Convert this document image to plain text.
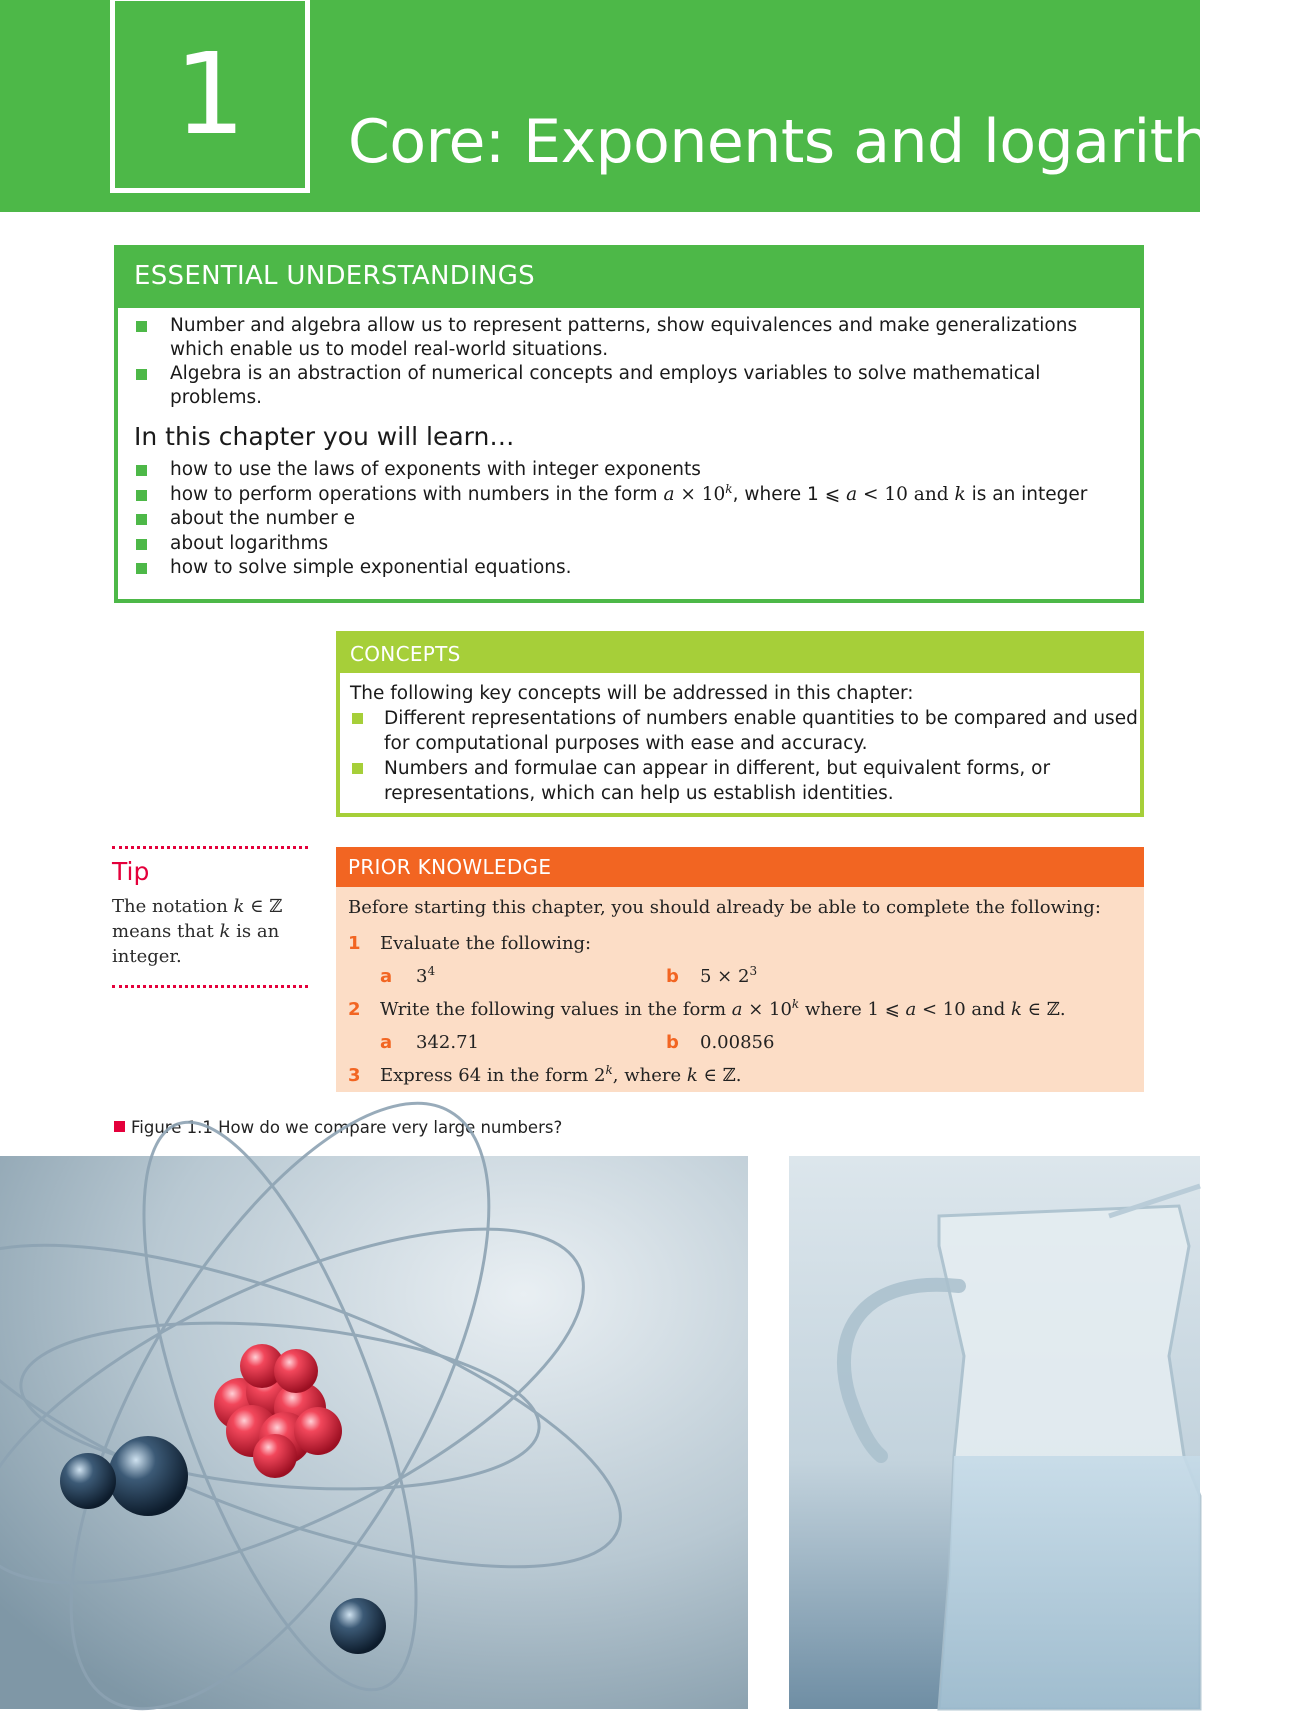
1	Core: Exponents and logarithms
ESSENTIAL UNDERSTANDINGS
Number and algebra allow us to represent patterns, show equivalences and make generalizations which enable us to model real-world situations.
Algebra is an abstraction of numerical concepts and employs variables to solve mathematical problems.
In this chapter you will learn…
how to use the laws of exponents with integer exponents
how to perform operations with numbers in the form $a \times 10^k$, where 1 ⩽ a < 10 and k is an integer
about the number e
about logarithms
how to solve simple exponential equations.
CONCEPTS
The following key concepts will be addressed in this chapter:
Different representations of numbers enable quantities to be compared and used for computational purposes with ease and accuracy.
Numbers and formulae can appear in different, but equivalent forms, or representations, which can help us establish identities.
Tip
The notation k ∈ ℤ means that k is an integer.
PRIOR KNOWLEDGE
Before starting this chapter, you should already be able to complete the following:
1 Evaluate the following:
a $3^4$	b $5 \times 2^3$
2 Write the following values in the form $a \times 10^k$ where 1 ⩽ a < 10 and k ∈ ℤ.
a 342.71	b 0.00856
3 Express 64 in the form 2$^k$, where k ∈ ℤ.
Figure 1.1 How do we compare very large numbers?
